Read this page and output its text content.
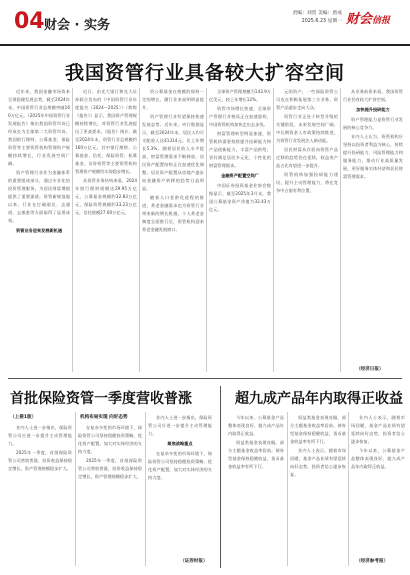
04 财会 · 实务
责编：刘贺 美编：唐成
2025.6.23 星期一 财会信报
我国资管行业具备较大扩容空间

近年来，我国金融市场资本呈现稳健发展态势，截至2024年末，中国资管行业总规模突破160万亿元。《2025年中国资管行业发展报告》指出我国资管市场已经成长为全球第二大资管市场，我国银行理财、公募基金、保险资管等主要资管机构管理资产规模持续增长，行业发展空间广阔。

资产管理行业作为金融体系的重要组成部分，通过专业化的投资管理服务，为居民财富增值提供了重要渠道。资管新规落地以来，行业在打破刚兑、去通道、去嵌套等方面取得了显著成效。

资管业务迎来发展新机遇

近日，由光大银行和光大证券联合发布的《中国资管行业年度报告（2024—2025）》（简称《报告》）显示，我国资产管理规模持续增长，对资管行业发展提出了更高要求。《报告》统计，截至2024年末，资管行业总规模约160万亿元，其中银行理财、公募基金、信托、保险资管、私募基金、证券资管等主要资管机构管理资产规模均实现稳步增长。

从资管业务结构来看，2024年银行理财规模达29.95万亿元，公募基金规模约32.83万亿元，保险资管规模约33.23万亿元，信托规模27.00万亿元。

资公募基金在规模的保持一定的增长，随行业来说明明显提升。

资产管理行业有望保持快速发展态势。近年来，央行数据显示，截至2024年末，居民人均可支配收入达41314元，比上年增长5.3%。随着居民收入水平提高，财富管理需求不断释放，居民资产配置结构正在加速优化调整。居民资产配置从房地产逐步向金融资产转移的趋势日益明显。

随着人口老龄化进程的推进，养老金融需求也为资管行业带来新的增长机遇。个人养老金制度全面推行后，资管机构迎来养老金融发展窗口。

全球资产管理规模为143.9万亿美元，较上年增长12%。

资管市场增长快速，全球资产管理行业格局正在加速重构，中国资管机构加快走出去步伐。

财富管理转型明显加速，资管机构需要持续提升投研能力和产品创新能力，丰富产品供给，更好满足居民多元化、个性化的财富管理需求。

金融资产配置空间广

中国证券投资基金业协会数据显示，截至2025年3月末，我国公募基金资产净值为32.43万亿元。

元的资产，一些保险资管公司也在积极拓展第三方业务，资管产品逐步走向大众。

资管行业正处于转型升级的关键阶段，未来发展空间广阔。中长期资金入市政策持续推进，为资管行业发展注入新动能。

居民财富从存款向资管产品迁移的趋势仍在延续，权益类产品占比有望进一步提升。

资管机构加强投研能力建设，提升主动管理能力，将在竞争中占据有利位置。

从业务前景来看，我国资管行业仍有较大扩容空间。

加快提升投研能力

资产管理能力是资管行业发展的核心竞争力。

业内人士认为，资管机构应坚持以投资者利益为核心，持续提升投研能力、风险管理能力和服务能力，推动行业高质量发展，更好服务实体经济和居民财富管理需求。

（经济日报）
首批保险资管一季度营收普涨	超九成产品年内取得正收益
（上接1版）

业内人士进一步指出，保险资管公司应进一步提升主动管理能力。

2025年一季度，首批保险资管公司营收普涨，投资收益保持稳定增长，资产管理规模稳步扩大。

机构布局实现 向好态势

在复杂多变的市场环境下，保险资管公司坚持稳健投资策略，优化资产配置，加大对实体经济的支持力度。

2025年一季度，首批保险资管公司营收普涨，投资收益保持稳定增长，资产管理规模稳步扩大。

业内人士进一步指出，保险资管公司应进一步提升主动管理能力。

聚焦战略重点

在复杂多变的市场环境下，保险资管公司坚持稳健投资策略，优化资产配置，加大对实体经济的支持力度。

（证券时报）

今年以来，公募基金产品整体表现良好，超九成产品年内取得正收益。

权益类基金表现亮眼，部分主题基金收益率居前。债券型基金保持稳健收益，货币基金收益率有所下行。

权益类基金表现亮眼，部分主题基金收益率居前。债券型基金保持稳健收益，货币基金收益率有所下行。

业内人士表示，随着市场回暖，基金产品业绩有望延续向好态势，投资者信心逐步恢复。

业内人士表示，随着市场回暖，基金产品业绩有望延续向好态势，投资者信心逐步恢复。

今年以来，公募基金产品整体表现良好，超九成产品年内取得正收益。

（经济参考报）
